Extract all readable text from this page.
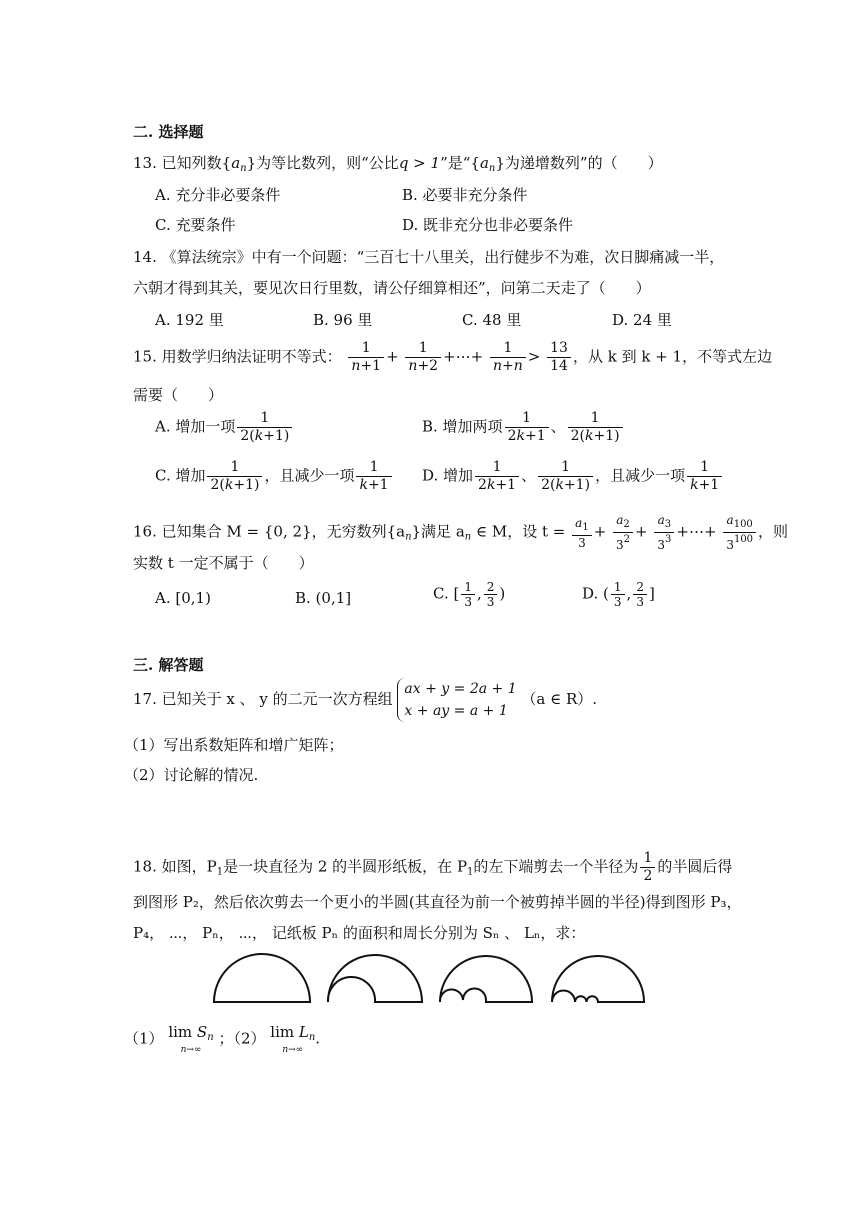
二. 选择题
13. 已知列数$\{a_n\}$为等比数列，则“公比q > 1”是“$\{a_n\}$为递增数列”的（　　）
A. 充分非必要条件	B. 必要非充分条件
C. 充要条件	D. 既非充分也非必要条件
14. 《算法统宗》中有一个问题：“三百七十八里关，出行健步不为难，次日脚痛减一半，
六朝才得到其关，要见次日行里数，请公仔细算相还”，问第二天走了（　　）
A. 192 里	B. 96 里	C. 48 里	D. 24 里
15. 用数学归纳法证明不等式： $\frac{1}{n+1} + \frac{1}{n+2}$ +⋯+ $\frac{1}{n+n} > \frac{13}{14}$ ，从 k 到 k + 1，不等式左边
需要（　　）
A. 增加一项 $\frac{1}{2(k+1)}$	B. 增加两项 $\frac{1}{2k+1}$ 、 $\frac{1}{2(k+1)}$
C. 增加 $\frac{1}{2(k+1)}$ ，且减少一项 $\frac{1}{k+1} D$. 增加 $\frac{1}{2k+1}$ 、 $\frac{1}{2(k+1)}$ ，且减少一项 $\frac{1}{k+1}$
16. 已知集合 M = {0, 2}，无穷数列$\{a_n\}$满足 $a_n$ ∈ M，设 $t = \frac{a_1}{3} + \frac{a_2}{3^2} + \frac{a_3}{3^3}$ +⋯+ $\frac{a_{100}}{3^{100}}$ ，则
实数 t 一定不属于（　　）
A. [0,1)	B. (0,1]	C. [ $\frac{1}{3}$ , $\frac{2}{3}$ )	D. ( $\frac{1}{3}$ , $\frac{2}{3}$ ]
三. 解答题
17. 已知关于 x 、 y 的二元一次方程组 ax + y = 2a + 1
x + ay = a + 1 （a ∈ R）.
（1）写出系数矩阵和增广矩阵；
（2）讨论解的情况.
18. 如图，$P_1$是一块直径为 2 的半圆形纸板，在 $P_1$的左下端剪去一个半径为 $\frac{1}{2}$ 的半圆后得
到图形 P₂，然后依次剪去一个更小的半圆(其直径为前一个被剪掉半圆的半径)得到图形 P₃，
P₄， ⋯， Pₙ， ⋯， 记纸板 Pₙ 的面积和周长分别为 Sₙ 、 Lₙ，求：
（1） $\lim S_n$
n→∞
；（2） $\lim L_n$
n→∞
.
